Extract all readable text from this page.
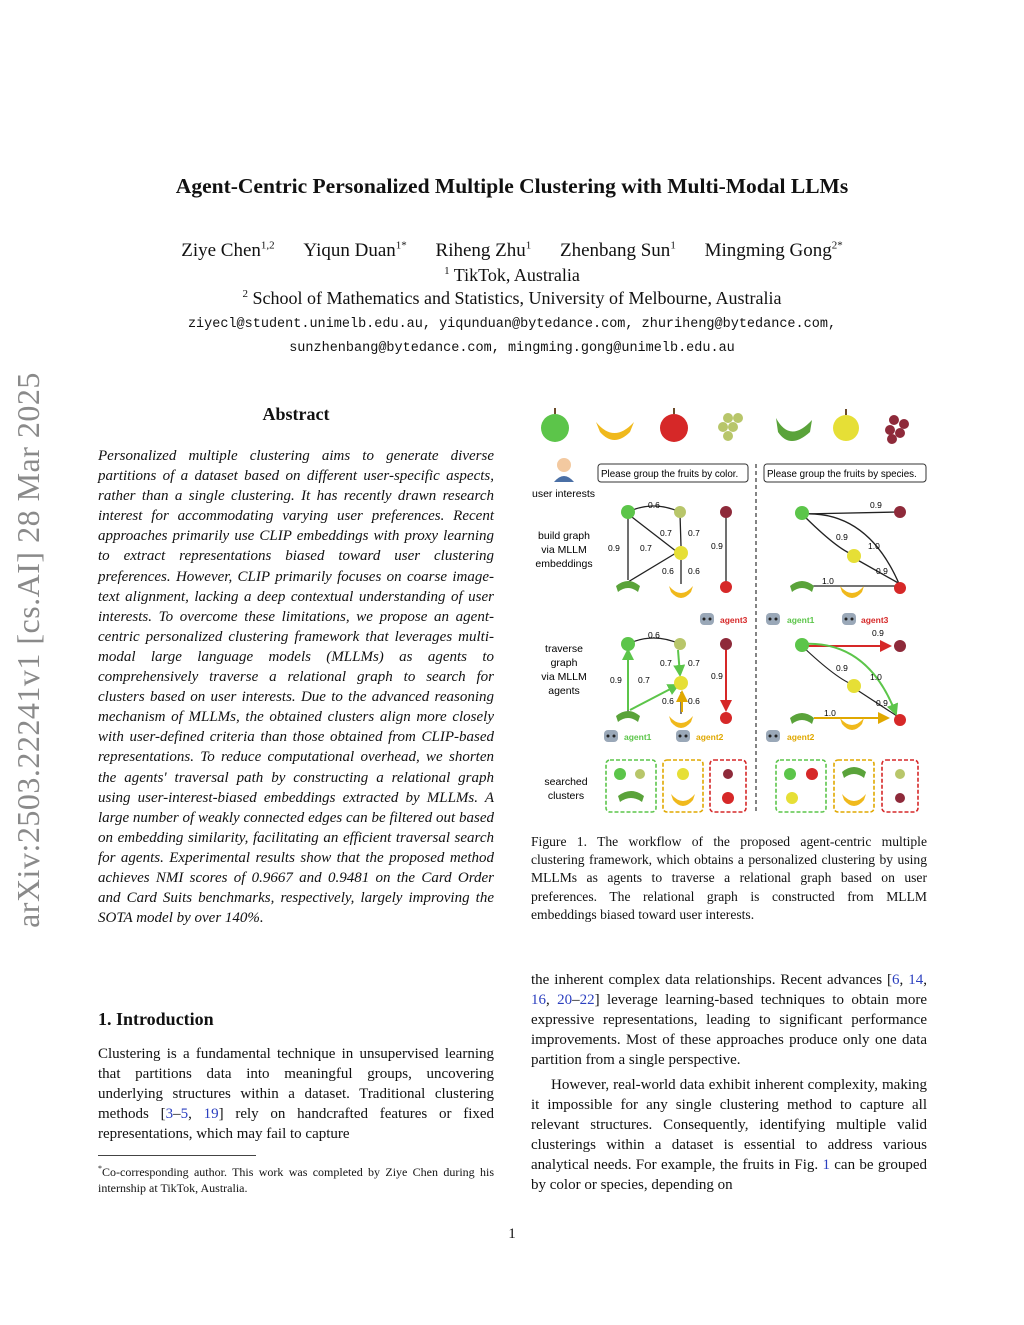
arXiv:2503.22241v1 [cs.AI] 28 Mar 2025
Agent-Centric Personalized Multiple Clustering with Multi-Modal LLMs
Ziye Chen$^{1,2}$ Yiqun Duan$^{1*}$ Riheng Zhu$^1$ Zhenbang Sun$^1$ Mingming Gong$^{2*}$
$^1$ TikTok, Australia
$^2$ School of Mathematics and Statistics, University of Melbourne, Australia
ziyecl@student.unimelb.edu.au, yiqunduan@bytedance.com, zhuriheng@bytedance.com,
sunzhenbang@bytedance.com, mingming.gong@unimelb.edu.au
Abstract
Personalized multiple clustering aims to generate diverse partitions of a dataset based on different user-specific aspects, rather than a single clustering. It has recently drawn research interest for accommodating varying user preferences. Recent approaches primarily use CLIP embeddings with proxy learning to extract representations biased toward user clustering preferences. However, CLIP primarily focuses on coarse image-text alignment, lacking a deep contextual understanding of user interests. To overcome these limitations, we propose an agent-centric personalized clustering framework that leverages multi-modal large language models (MLLMs) as agents to comprehensively traverse a relational graph to search for clusters based on user interests. Due to the advanced reasoning mechanism of MLLMs, the obtained clusters align more closely with user-defined criteria than those obtained from CLIP-based representations. To reduce computational overhead, we shorten the agents' traversal path by constructing a relational graph using user-interest-biased embeddings extracted by MLLMs. A large number of weakly connected edges can be filtered out based on embedding similarity, facilitating an efficient traversal search for agents. Experimental results show that the proposed method achieves NMI scores of 0.9667 and 0.9481 on the Card Order and Card Suits benchmarks, respectively, largely improving the SOTA model by over 140%.
1. Introduction
Clustering is a fundamental technique in unsupervised learning that partitions data into meaningful groups, uncovering underlying structures within a dataset. Traditional clustering methods [3–5, 19] rely on handcrafted features or fixed representations, which may fail to capture
*Co-corresponding author. This work was completed by Ziye Chen during his internship at TikTok, Australia.
user interests
Please group the fruits by color.	Please group the fruits by species.
build graph
via MLLM
embeddings
traverse
graph
via MLLM
agents
searched
clusters
0.6
0.7 0.7
0.9 0.7	0.9
0.6 0.6
0.9
0.9
1.0
1.0
0.9
agent3	agent1	agent3
0.6
0.7 0.7
0.9 0.7	0.9
0.6 0.6
agent1	agent2
0.9
0.9
1.0
1.0
0.9
agent2
Figure 1. The workflow of the proposed agent-centric multiple clustering framework, which obtains a personalized clustering by using MLLMs as agents to traverse a relational graph based on user preferences. The relational graph is constructed from MLLM embeddings biased toward user interests.
the inherent complex data relationships. Recent advances [6, 14, 16, 20–22] leverage learning-based techniques to obtain more expressive representations, leading to significant performance improvements. Most of these approaches produce only one data partition from a single perspective.
However, real-world data exhibit inherent complexity, making it impossible for any single clustering method to capture all relevant structures. Consequently, identifying multiple valid clusterings within a dataset is essential to address various analytical needs. For example, the fruits in Fig. 1 can be grouped by color or species, depending on
1
